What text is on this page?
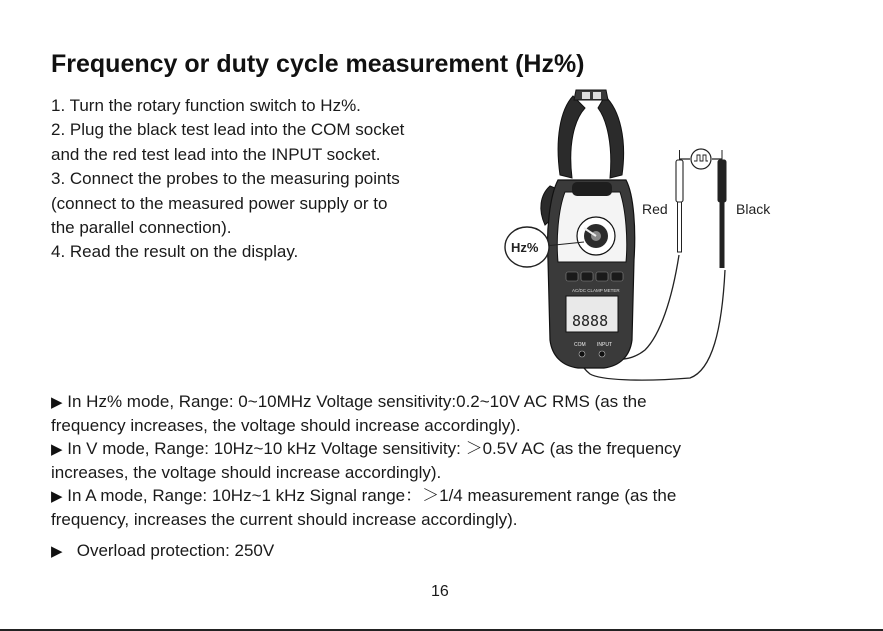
Frequency or duty cycle measurement (Hz%)
1. Turn the rotary function switch to Hz%.
2. Plug the black test lead into the COM socket
and the red test lead into the INPUT socket.
3. Connect the probes to the measuring points
(connect to the measured power supply or to
the parallel connection).
4. Read the result on the display.
Red	Black
AC/DC CLAMP METER
8888
COM INPUT
Hz%
▶ In Hz% mode, Range: 0~10MHz Voltage sensitivity:0.2~10V AC RMS (as the
frequency increases, the voltage should increase accordingly).
▶ In V mode, Range: 10Hz~10 kHz Voltage sensitivity: ＞0.5V AC (as the frequency
increases, the voltage should increase accordingly).
▶ In A mode, Range: 10Hz~1 kHz Signal range：＞1/4 measurement range (as the
frequency, increases the current should increase accordingly).
▶ Overload protection: 250V
16
